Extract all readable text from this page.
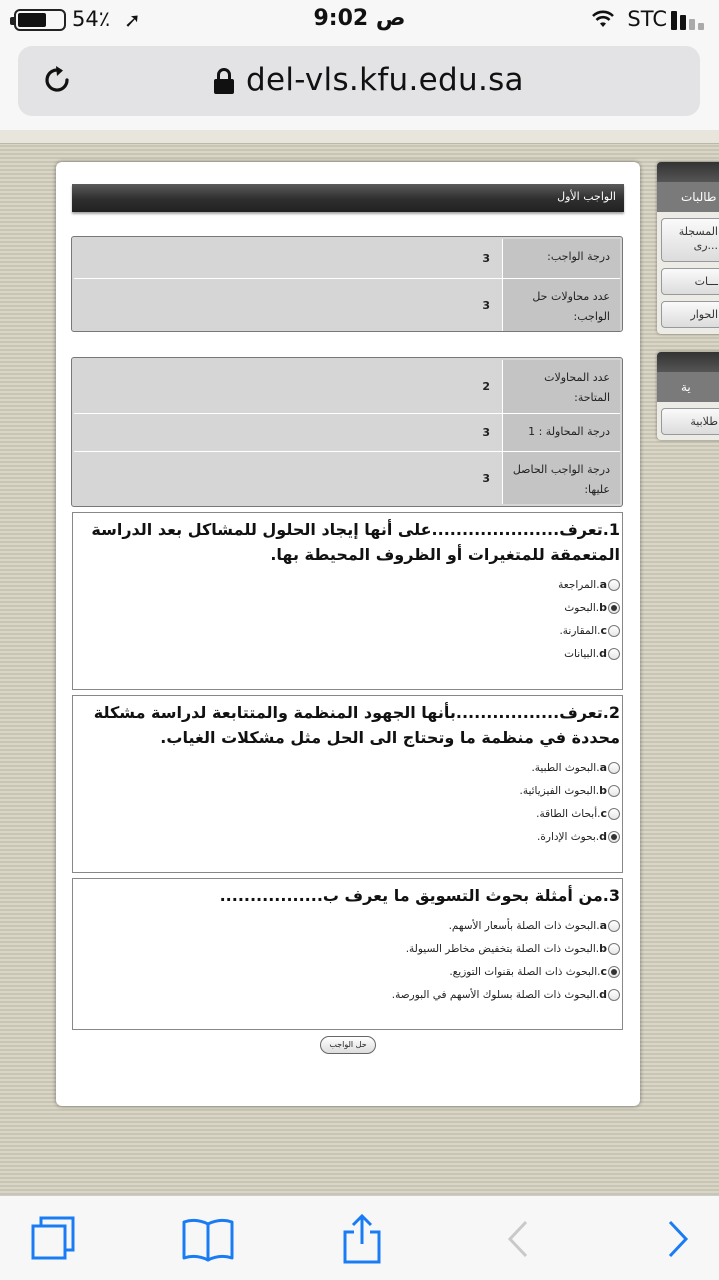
54٪ ➚	9:02 ص	STC
del-vls.kfu.edu.sa
طالبات
المسجلة ...رى
ـــات
الحوار
ية
طلابية
الواجب الأول
درجة الواجب:
3
عدد محاولات حل الواجب:
3
عدد المحاولات المتاحة:
2
درجة المحاولة : 1
3
درجة الواجب الحاصل عليها:
3
1.تعرف.....................على أنها إيجاد الحلول للمشاكل بعد الدراسة المتعمقة للمتغيرات أو الظروف المحيطة بها.
a
.المراجعة
b
.البحوث
c
.المقارنة.
d
.البيانات
2.تعرف.................بأنها الجهود المنظمة والمتتابعة لدراسة مشكلة محددة في منظمة ما وتحتاج الى الحل مثل مشكلات الغياب.
a
.البحوث الطبية.
b
.البحوث الفيزيائية.
c
.أبحاث الطاقة.
d
.بحوث الإدارة.
3.من أمثلة بحوث التسويق ما يعرف ب.................
a
.البحوث ذات الصلة بأسعار الأسهم.
b
.البحوث ذات الصلة بتخفيض مخاطر السيولة.
c
.البحوث ذات الصلة بقنوات التوزيع.
d
.البحوث ذات الصلة بسلوك الأسهم في البورصة.
حل الواجب
